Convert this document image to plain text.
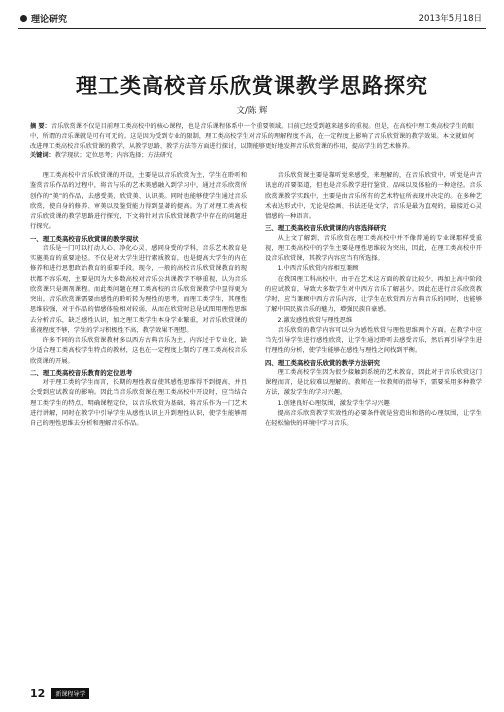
理论研究	2013年5月18日
理工类高校音乐欣赏课教学思路探究
文/陈 辉
摘 要：音乐欣赏课不仅是目前理工类高校中的核心课程，也是音乐课程体系中一个重要领域。目前已经受到越来越多的重视。但是，在高校中理工类高校学生的眼中，所谓的音乐课就是可有可无的。这是因为受到专业的限制，理工类高校学生对音乐的理解程度不高，在一定程度上影响了音乐欣赏课的教学效果。本文就如何改进理工类高校音乐欣赏课的教学，从教学思路、教学方法等方面进行探讨，以期能够更好地发挥音乐欣赏课的作用，提高学生的艺术修养。
关键词：教学现状；定位思考；内容选择；方法研究

理工类高校中音乐欣赏课的开设，主要是以音乐欣赏为主，学生在聆听和鉴赏音乐作品的过程中，将音与乐的艺术美感融入到学习中，通过音乐欣赏所创作的“美”的作品，去感受美、欣赏美、认识美。同时也能够使学生通过音乐欣赏，使自身的修养、审美以及鉴赏能力得到显著的提高。为了对理工类高校音乐欣赏课的教学思路进行探究，下文将针对音乐欣赏课教学中存在的问题进行探究。

一、理工类高校音乐欣赏课的教学现状

音乐是一门可以打动人心、净化心灵、感同身受的学科，音乐艺术教育是实施美育的重要途径。不仅是对大学生进行素质教育，也是提高大学生的内在修养和进行思想政治教育的重要手段。现今，一般的高校音乐欣赏课教育的现状都不容乐观，主要是因为大多数高校对音乐公共课教学不够重视，认为音乐欣赏课只是调剂课程。而此类问题在理工类高校的音乐欣赏课教学中显得更为突出。音乐欣赏课需要由感性的聆听转为理性的思考，而理工类学生，其理性思维较强，对于作品的情感体验相对较弱，从而在欣赏时总是试图用理性思维去分析音乐，缺乏感性认识，加之理工类学生本身学业繁重，对音乐欣赏课的重视程度不够，学生的学习积极性不高，教学效果不理想。

许多不同的音乐欣赏课教材多以西方古典音乐为主，内容过于专业化，缺少适合理工类高校学生特点的教材，这也在一定程度上制约了理工类高校音乐欣赏课的开展。

二、理工类高校音乐教育的定位思考

对于理工类的学生而言，长期的理性教育使其感性思维得不到提高，并且会受到应试教育的影响。因此当音乐欣赏课在理工类高校中开设时，应当结合理工类学生的特点，明确课程定位，以音乐欣赏为基础，将音乐作为一门艺术进行讲解，同时在教学中引导学生从感性认识上升到理性认识，使学生能够用自己的理性思维去分析和理解音乐作品。

音乐欣赏课主要是靠听觉来感受，来理解的，在音乐欣赏中，听觉是声音讯息的首要渠道，但也是音乐教学进行鉴赏、品味以及体验的一种途径。音乐欣赏课教学实践中，主要是由音乐所有的艺术特征所表现并决定的。在多种艺术表达形式中，无论是绘画、书法还是文学，音乐是最为直观的，最接近心灵情感的一种语言。

三、理工类高校音乐欣赏课的内容选择研究

从上文了解到，音乐欣赏在理工类高校中并不像普通的专业课那样受重视，理工类高校中的学生主要是理性思维较为突出，因此，在理工类高校中开设音乐欣赏课，其教学内容应当有所选择。

1.中西音乐欣赏内容相互兼顾

在我国理工科高校中，由于在艺术这方面的教育比较少，再加上高中阶段的应试教育，导致大多数学生对中西方音乐了解甚少。因此在进行音乐欣赏教学时，应当兼顾中西方音乐内容，让学生在欣赏西方古典音乐的同时，也能够了解中国民族音乐的魅力，增强民族自豪感。

2.激发感性欣赏与理性思维

音乐欣赏的教学内容可以分为感性欣赏与理性思维两个方面。在教学中应当先引导学生进行感性欣赏，让学生通过聆听去感受音乐，然后再引导学生进行理性的分析，使学生能够在感性与理性之间找到平衡。

四、理工类高校音乐欣赏的教学方法研究

理工类高校学生因为很少接触到系统的艺术教育，因此对于音乐欣赏这门课程而言，是比较难以理解的。教师在一位教师的指导下，需要采用多种教学方法，激发学生的学习兴趣。

1.创建良好心理氛围，激发学生学习兴趣

提高音乐欣赏教学实效性的必要条件就是营造出和谐的心理氛围，让学生在轻松愉快的环境中学习音乐。

12	新课程导学
